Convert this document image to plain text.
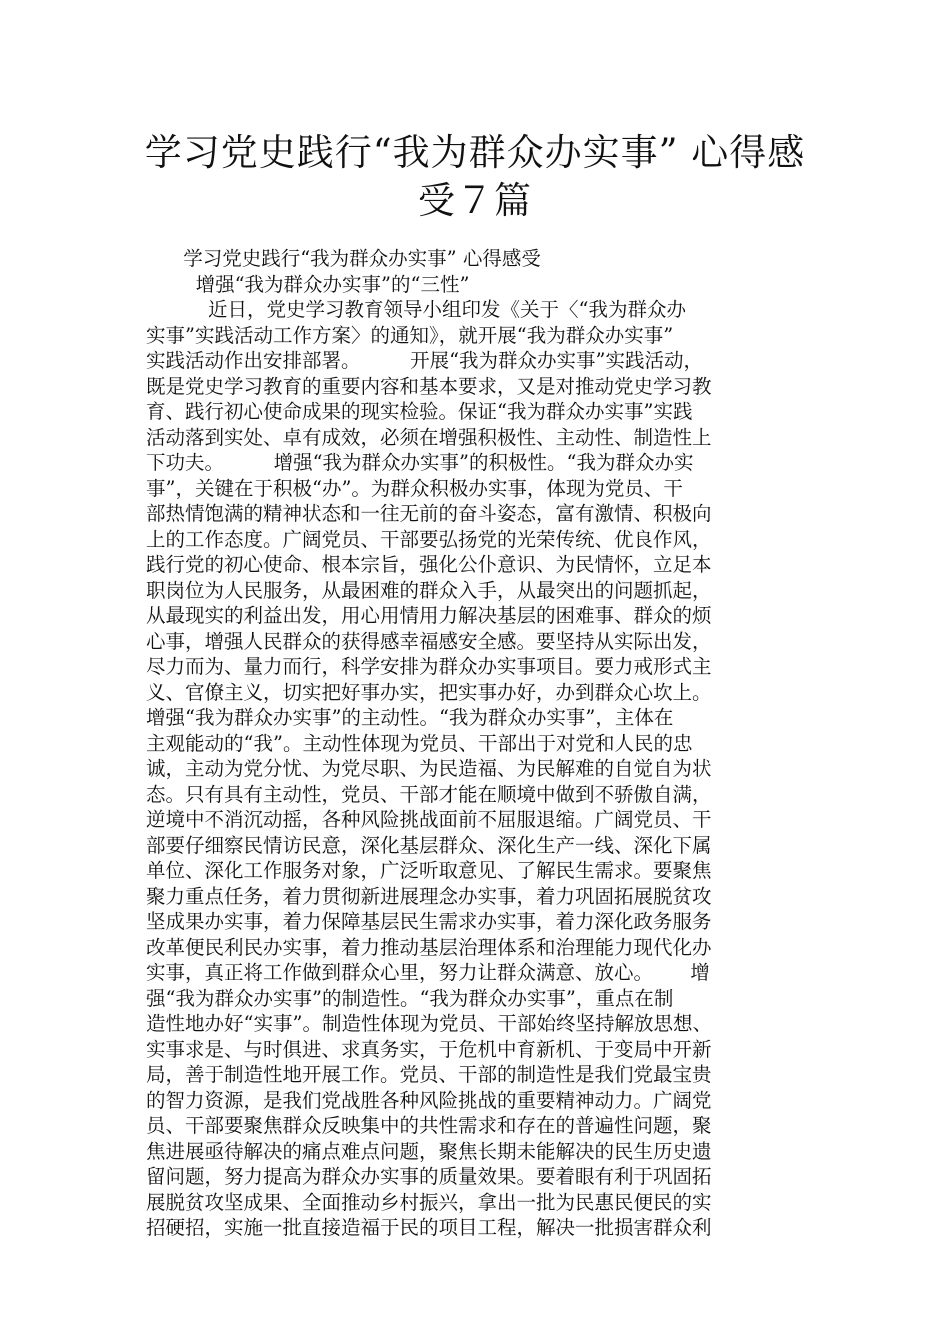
学习党史践行“我为群众办实事” 心得感
受７篇
学习党史践行“我为群众办实事” 心得感受
增强“我为群众办实事”的“三性”
近日，党史学习教育领导小组印发《关于〈“我为群众办
实事”实践活动工作方案〉的通知》，就开展“我为群众办实事”
实践活动作出安排部署。        开展“我为群众办实事”实践活动，
既是党史学习教育的重要内容和基本要求，又是对推动党史学习教
育、践行初心使命成果的现实检验。保证“我为群众办实事”实践
活动落到实处、卓有成效，必须在增强积极性、主动性、制造性上
下功夫。        增强“我为群众办实事”的积极性。“我为群众办实
事”，关键在于积极“办”。为群众积极办实事，体现为党员、干
部热情饱满的精神状态和一往无前的奋斗姿态，富有激情、积极向
上的工作态度。广阔党员、干部要弘扬党的光荣传统、优良作风，
践行党的初心使命、根本宗旨，强化公仆意识、为民情怀，立足本
职岗位为人民服务，从最困难的群众入手，从最突出的问题抓起，
从最现实的利益出发，用心用情用力解决基层的困难事、群众的烦
心事，增强人民群众的获得感幸福感安全感。要坚持从实际出发，
尽力而为、量力而行，科学安排为群众办实事项目。要力戒形式主
义、官僚主义，切实把好事办实，把实事办好，办到群众心坎上。
增强“我为群众办实事”的主动性。“我为群众办实事”，主体在
主观能动的“我”。主动性体现为党员、干部出于对党和人民的忠
诚，主动为党分忧、为党尽职、为民造福、为民解难的自觉自为状
态。只有具有主动性，党员、干部才能在顺境中做到不骄傲自满，
逆境中不消沉动摇，各种风险挑战面前不屈服退缩。广阔党员、干
部要仔细察民情访民意，深化基层群众、深化生产一线、深化下属
单位、深化工作服务对象，广泛听取意见、了解民生需求。要聚焦
聚力重点任务，着力贯彻新进展理念办实事，着力巩固拓展脱贫攻
坚成果办实事，着力保障基层民生需求办实事，着力深化政务服务
改革便民利民办实事，着力推动基层治理体系和治理能力现代化办
实事，真正将工作做到群众心里，努力让群众满意、放心。      增
强“我为群众办实事”的制造性。“我为群众办实事”，重点在制
造性地办好“实事”。制造性体现为党员、干部始终坚持解放思想、
实事求是、与时俱进、求真务实，于危机中育新机、于变局中开新
局，善于制造性地开展工作。党员、干部的制造性是我们党最宝贵
的智力资源，是我们党战胜各种风险挑战的重要精神动力。广阔党
员、干部要聚焦群众反映集中的共性需求和存在的普遍性问题，聚
焦进展亟待解决的痛点难点问题，聚焦长期未能解决的民生历史遗
留问题，努力提高为群众办实事的质量效果。要着眼有利于巩固拓
展脱贫攻坚成果、全面推动乡村振兴，拿出一批为民惠民便民的实
招硬招，实施一批直接造福于民的项目工程，解决一批损害群众利
